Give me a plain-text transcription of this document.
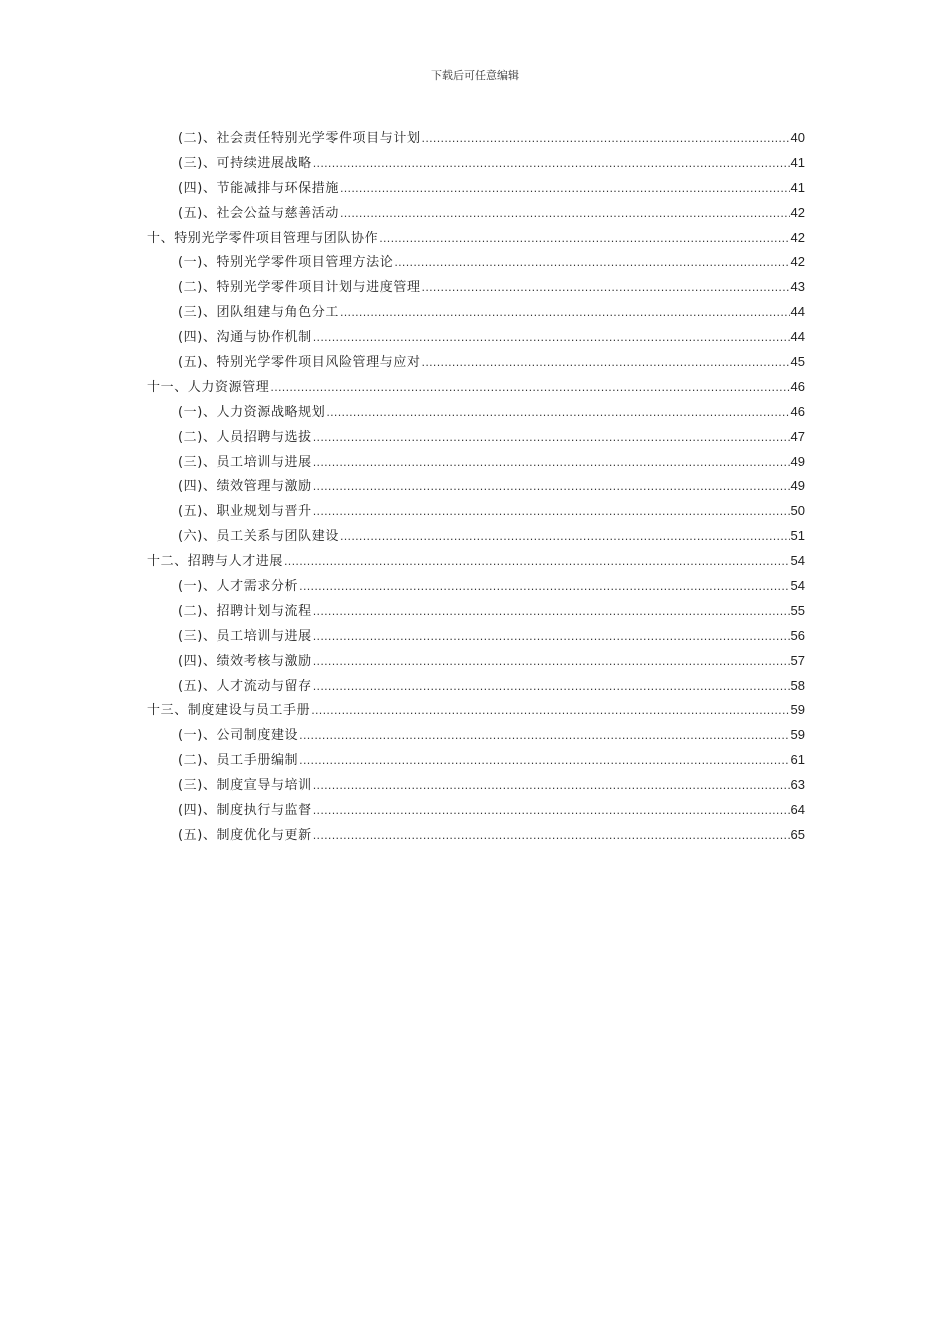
下载后可任意编辑
(二)、社会责任特别光学零件项目与计划 .....	40
(三)、可持续进展战略 .....	41
(四)、节能减排与环保措施 .....	41
(五)、社会公益与慈善活动 .....	42
十、特别光学零件项目管理与团队协作 .....	42
(一)、特别光学零件项目管理方法论 .....	42
(二)、特别光学零件项目计划与进度管理 .....	43
(三)、团队组建与角色分工 .....	44
(四)、沟通与协作机制 .....	44
(五)、特别光学零件项目风险管理与应对 .....	45
十一、人力资源管理 .....	46
(一)、人力资源战略规划 .....	46
(二)、人员招聘与选拔 .....	47
(三)、员工培训与进展 .....	49
(四)、绩效管理与激励 .....	49
(五)、职业规划与晋升 .....	50
(六)、员工关系与团队建设 .....	51
十二、招聘与人才进展 .....	54
(一)、人才需求分析 .....	54
(二)、招聘计划与流程 .....	55
(三)、员工培训与进展 .....	56
(四)、绩效考核与激励 .....	57
(五)、人才流动与留存 .....	58
十三、制度建设与员工手册 .....	59
(一)、公司制度建设 .....	59
(二)、员工手册编制 .....	61
(三)、制度宣导与培训 .....	63
(四)、制度执行与监督 .....	64
(五)、制度优化与更新 .....	65
